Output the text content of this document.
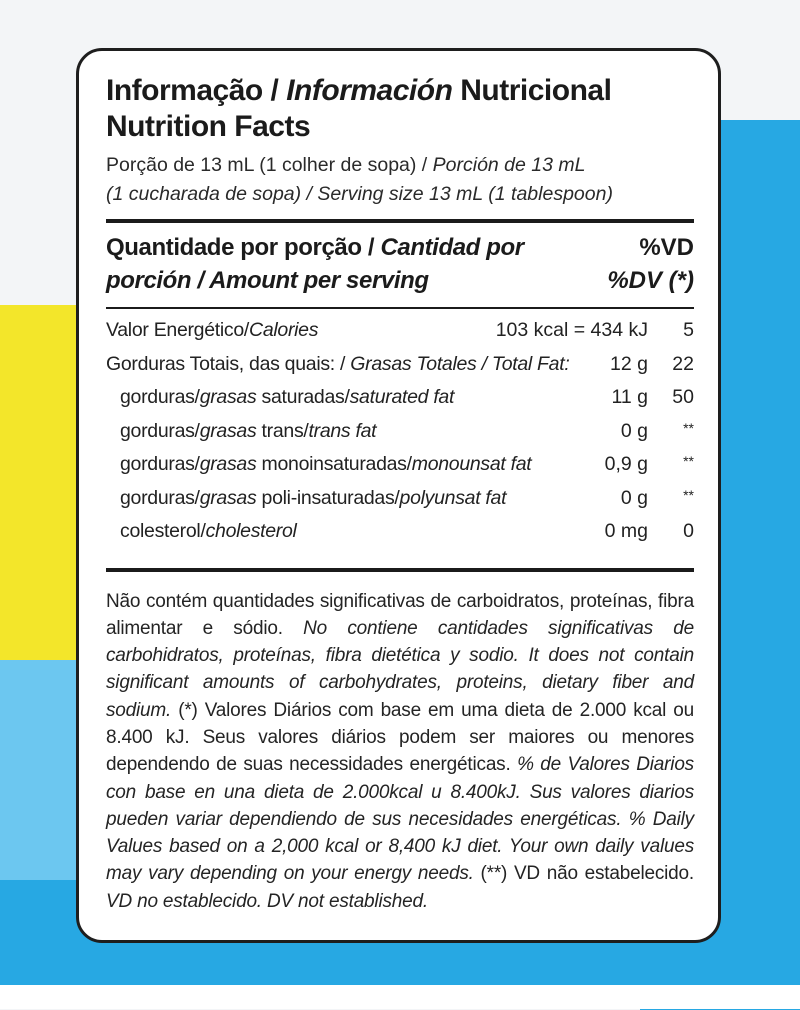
Informação / Información Nutricional
Nutrition Facts
Porção de 13 mL (1 colher de sopa) / Porción de 13 mL
(1 cucharada de sopa) / Serving size 13 mL (1 tablespoon)
Quantidade por porção / Cantidad por
porción / Amount per serving
%VD
%DV (*)
Valor Energético/Calories	103 kcal = 434 kJ	5
Gorduras Totais, das quais: / Grasas Totales / Total Fat:	12 g	22
gorduras/grasas saturadas/saturated fat	11 g	50
gorduras/grasas trans/trans fat	0 g	**
gorduras/grasas monoinsaturadas/monounsat fat	0,9 g	**
gorduras/grasas poli-insaturadas/polyunsat fat	0 g	**
colesterol/cholesterol	0 mg	0
Não contém quantidades significativas de carboidratos, proteínas, fibra alimentar e sódio. No contiene cantidades significativas de carbohidratos, proteínas, fibra dietética y sodio. It does not contain significant amounts of carbohydrates, proteins, dietary fiber and sodium. (*) Valores Diários com base em uma dieta de 2.000 kcal ou 8.400 kJ. Seus valores diários podem ser maiores ou menores dependendo de suas necessidades energéticas. % de Valores Diarios con base en una dieta de 2.000kcal u 8.400kJ. Sus valores diarios pueden variar dependiendo de sus necesidades energéticas. % Daily Values based on a 2,000 kcal or 8,400 kJ diet. Your own daily values may vary depending on your energy needs. (**) VD não estabelecido. VD no establecido. DV not established.
